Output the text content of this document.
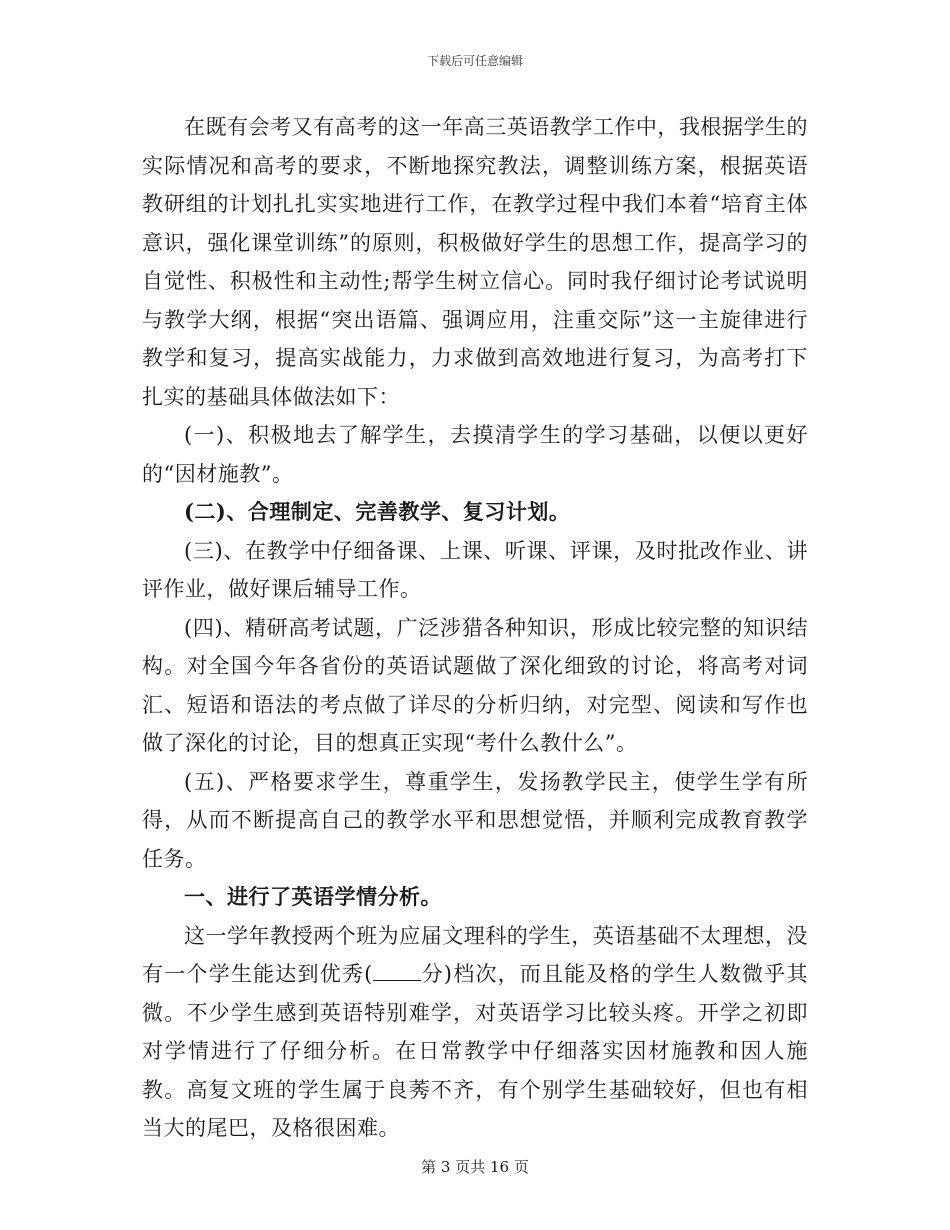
下载后可任意编辑

在既有会考又有高考的这一年高三英语教学工作中，我根据学生的实际情况和高考的要求，不断地探究教法，调整训练方案，根据英语教研组的计划扎扎实实地进行工作，在教学过程中我们本着“培育主体意识，强化课堂训练”的原则，积极做好学生的思想工作，提高学习的自觉性、积极性和主动性;帮学生树立信心。同时我仔细讨论考试说明与教学大纲，根据“突出语篇、强调应用，注重交际”这一主旋律进行教学和复习，提高实战能力，力求做到高效地进行复习，为高考打下扎实的基础具体做法如下：

(一)、积极地去了解学生，去摸清学生的学习基础，以便以更好的“因材施教”。

(二)、合理制定、完善教学、复习计划。

(三)、在教学中仔细备课、上课、听课、评课，及时批改作业、讲评作业，做好课后辅导工作。

(四)、精研高考试题，广泛涉猎各种知识，形成比较完整的知识结构。对全国今年各省份的英语试题做了深化细致的讨论，将高考对词汇、短语和语法的考点做了详尽的分析归纳，对完型、阅读和写作也做了深化的讨论，目的想真正实现“考什么教什么”。

(五)、严格要求学生，尊重学生，发扬教学民主，使学生学有所得，从而不断提高自己的教学水平和思想觉悟，并顺利完成教育教学任务。

一、进行了英语学情分析。

这一学年教授两个班为应届文理科的学生，英语基础不太理想，没有一个学生能达到优秀( 分)档次，而且能及格的学生人数微乎其微。不少学生感到英语特别难学，对英语学习比较头疼。开学之初即对学情进行了仔细分析。在日常教学中仔细落实因材施教和因人施教。高复文班的学生属于良莠不齐，有个别学生基础较好，但也有相当大的尾巴，及格很困难。

第 3 页共 16 页
